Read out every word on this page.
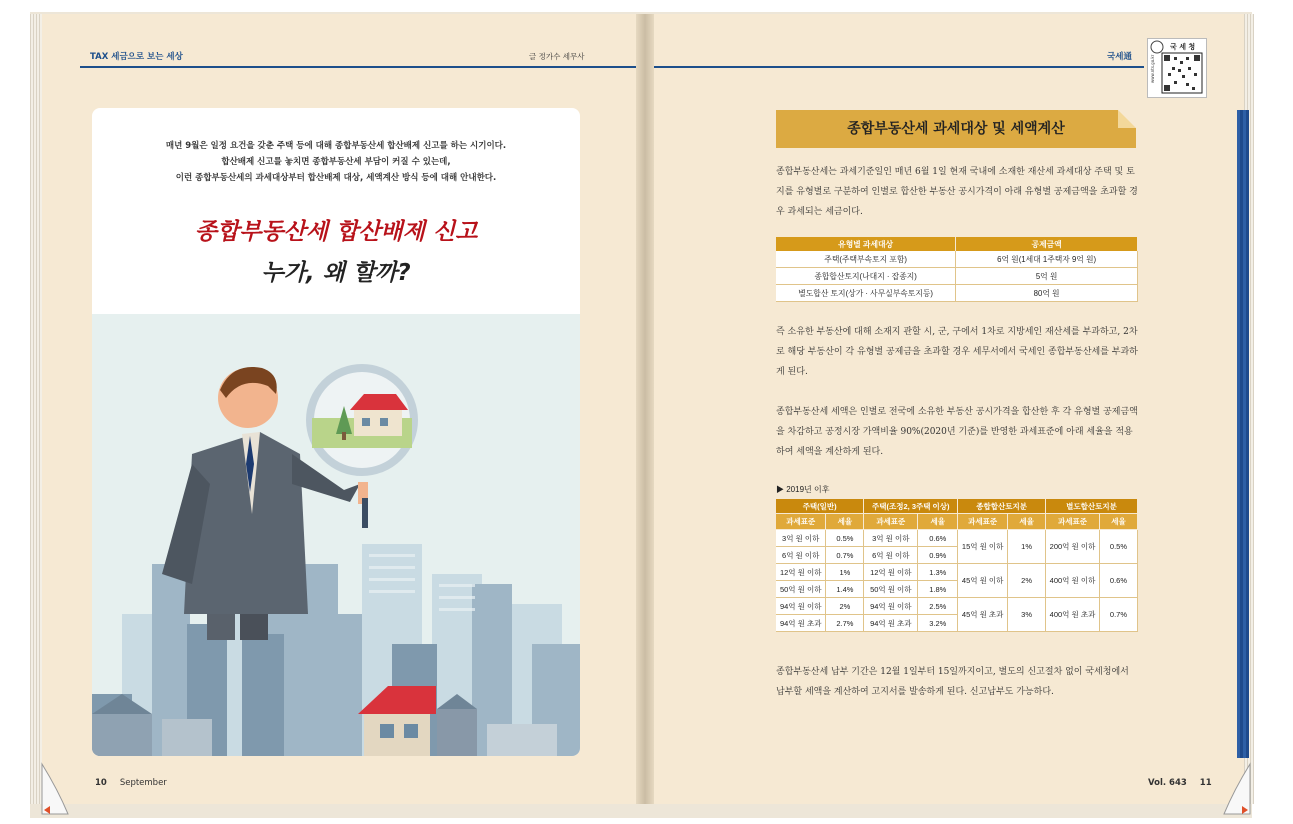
TAX 세금으로 보는 세상	글 정가수 세무사
매년 9월은 일정 요건을 갖춘 주택 등에 대해 종합부동산세 합산배제 신고를 하는 시기이다.
합산배제 신고를 놓치면 종합부동산세 부담이 커질 수 있는데,
이런 종합부동산세의 과세대상부터 합산배제 대상, 세액계산 방식 등에 대해 안내한다.
종합부동산세 합산배제 신고
누가, 왜 할까?
10 September
국세通
국 세 청
www.nts.go.kr
종합부동산세 과세대상 및 세액계산
종합부동산세는 과세기준일인 매년 6월 1일 현재 국내에 소재한 재산세 과세대상 주택 및 토지를 유형별로 구분하여 인별로 합산한 부동산 공시가격이 아래 유형별 공제금액을 초과할 경우 과세되는 세금이다.
유형별 과세대상	공제금액
주택(주택부속토지 포함)	6억 원(1세대 1주택자 9억 원)
종합합산토지(나대지 · 잡종지)	5억 원
별도합산 토지(상가 · 사무실부속토지등)	80억 원
즉 소유한 부동산에 대해 소재지 관할 시, 군, 구에서 1차로 지방세인 재산세를 부과하고, 2차로 해당 부동산이 각 유형별 공제금을 초과할 경우 세무서에서 국세인 종합부동산세를 부과하게 된다.
종합부동산세 세액은 인별로 전국에 소유한 부동산 공시가격을 합산한 후 각 유형별 공제금액을 차감하고 공정시장 가액비율 90%(2020년 기준)를 반영한 과세표준에 아래 세율을 적용하여 세액을 계산하게 된다.
▶ 2019년 이후
주택(일반)		주택(조정2, 3주택 이상)		종합합산토지분		별도합산토지분	
과세표준	세율	과세표준	세율	과세표준	세율	과세표준	세율
3억 원 이하	0.5%	3억 원 이하	0.6%	15억 원 이하	1%	200억 원 이하	0.5%
6억 원 이하	0.7%	6억 원 이하	0.9%				
12억 원 이하	1%	12억 원 이하	1.3%	45억 원 이하	2%	400억 원 이하	0.6%
50억 원 이하	1.4%	50억 원 이하	1.8%				
94억 원 이하	2%	94억 원 이하	2.5%	45억 원 초과	3%	400억 원 초과	0.7%
94억 원 초과	2.7%	94억 원 초과	3.2%				
종합부동산세 납부 기간은 12월 1일부터 15일까지이고, 별도의 신고절차 없이 국세청에서 납부할 세액을 계산하여 고지서를 발송하게 된다. 신고납부도 가능하다.
Vol. 643 11
